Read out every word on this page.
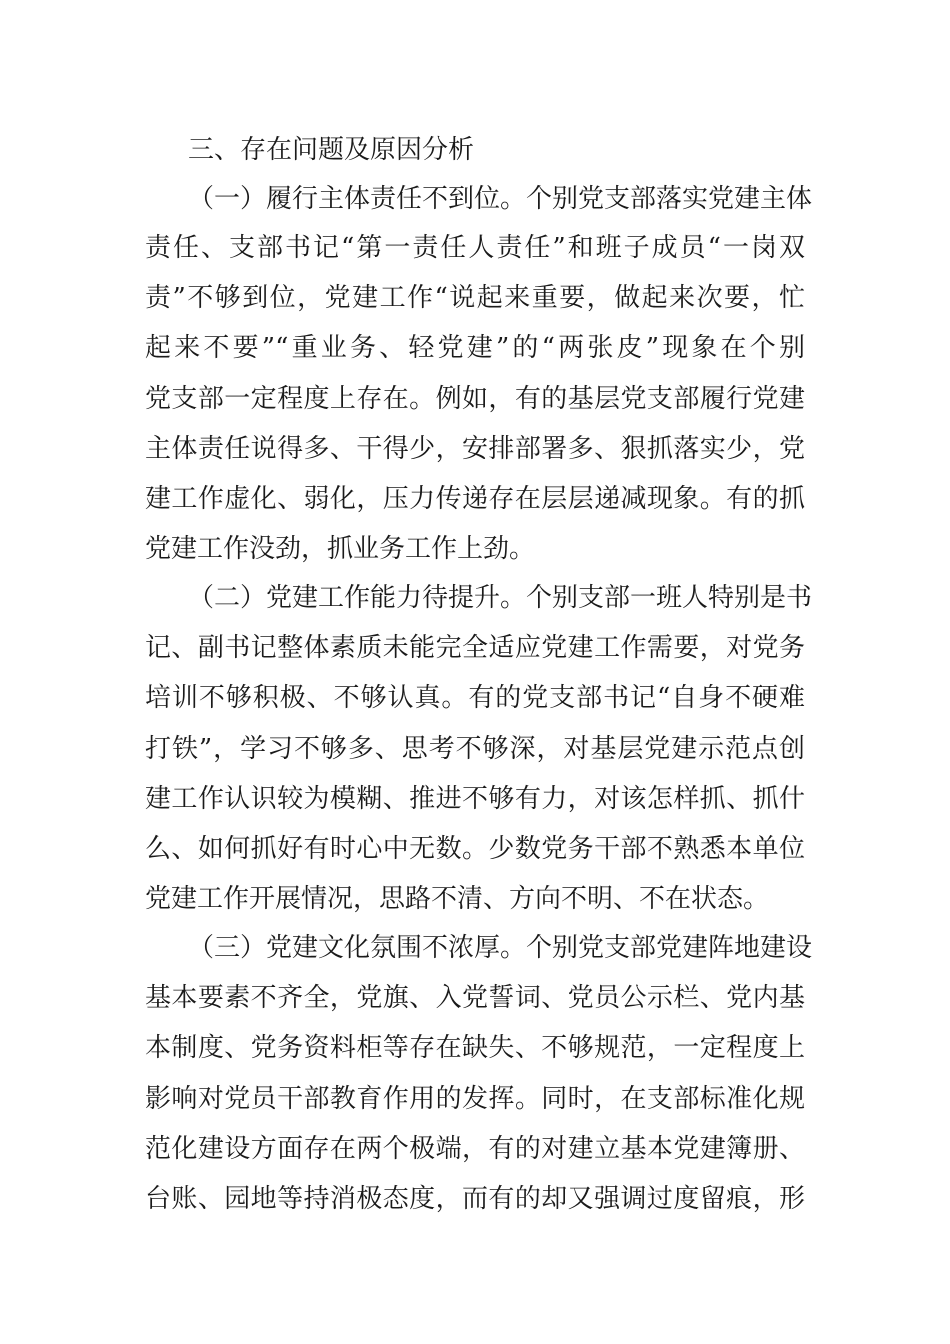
三、存在问题及原因分析

（一）履行主体责任不到位。个别党支部落实党建主体

责任、支部书记“第一责任人责任”和班子成员“一岗双

责”不够到位，党建工作“说起来重要，做起来次要，忙

起来不要”“重业务、轻党建”的“两张皮”现象在个别

党支部一定程度上存在。例如，有的基层党支部履行党建

主体责任说得多、干得少，安排部署多、狠抓落实少，党

建工作虚化、弱化，压力传递存在层层递减现象。有的抓

党建工作没劲，抓业务工作上劲。

（二）党建工作能力待提升。个别支部一班人特别是书

记、副书记整体素质未能完全适应党建工作需要，对党务

培训不够积极、不够认真。有的党支部书记“自身不硬难

打铁”，学习不够多、思考不够深，对基层党建示范点创

建工作认识较为模糊、推进不够有力，对该怎样抓、抓什

么、如何抓好有时心中无数。少数党务干部不熟悉本单位

党建工作开展情况，思路不清、方向不明、不在状态。

（三）党建文化氛围不浓厚。个别党支部党建阵地建设

基本要素不齐全，党旗、入党誓词、党员公示栏、党内基

本制度、党务资料柜等存在缺失、不够规范，一定程度上

影响对党员干部教育作用的发挥。同时，在支部标准化规

范化建设方面存在两个极端，有的对建立基本党建簿册、

台账、园地等持消极态度，而有的却又强调过度留痕，形
